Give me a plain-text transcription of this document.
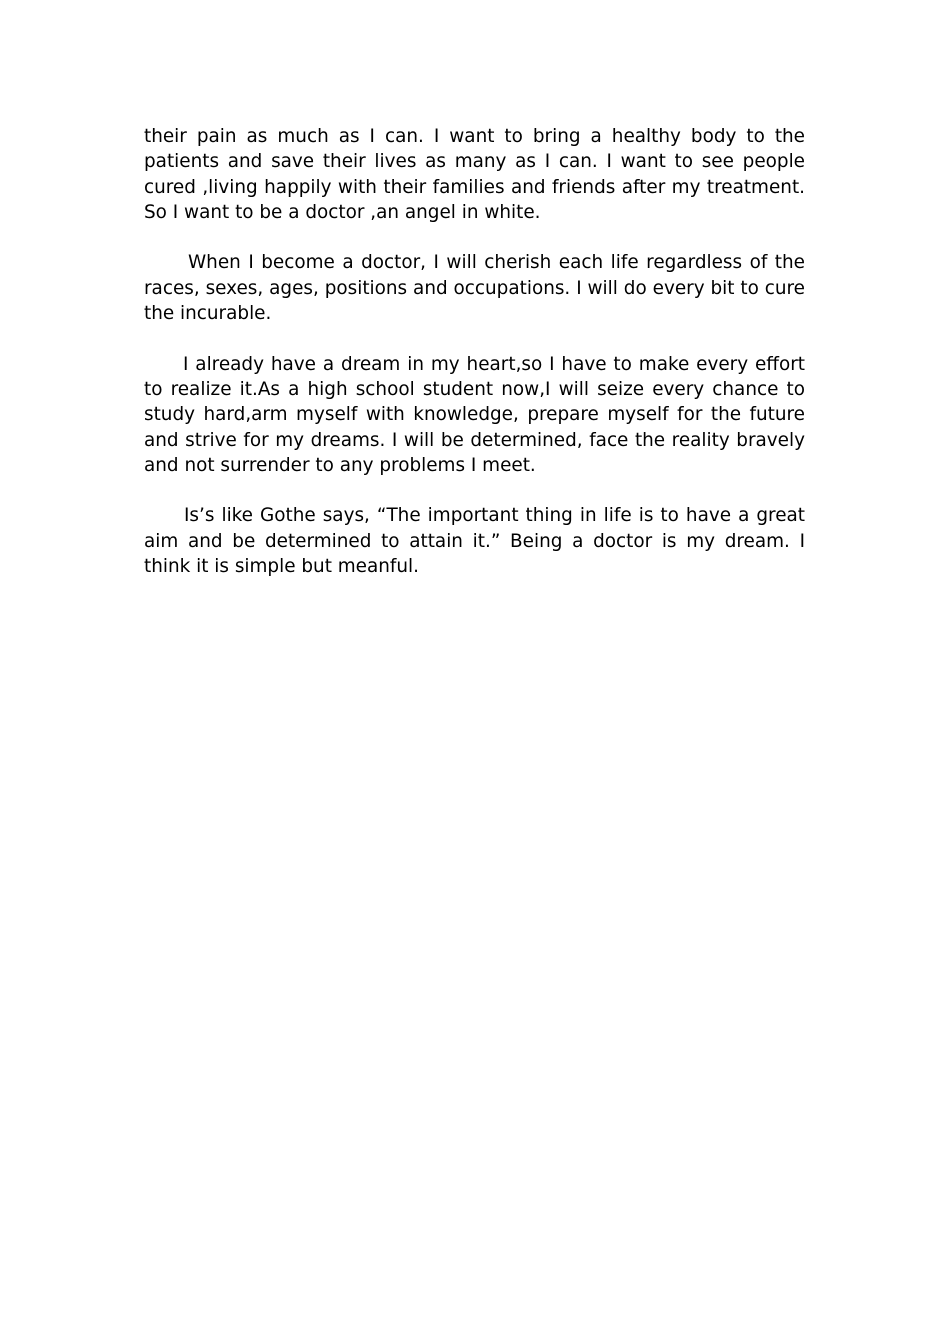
their pain as much as I can. I want to bring a healthy body to the patients and save their lives as many as I can. I want to see people cured ,living happily with their families and friends after my treatment. So I want to be a doctor ,an angel in white.

When I become a doctor, I will cherish each life regardless of the races, sexes, ages, positions and occupations. I will do every bit to cure the incurable.

I already have a dream in my heart,so I have to make every effort to realize it.As a high school student now,I will seize every chance to study hard,arm myself with knowledge, prepare myself for the future and strive for my dreams. I will be determined, face the reality bravely and not surrender to any problems I meet.

Is’s like Gothe says, “The important thing in life is to have a great aim and be determined to attain it.” Being a doctor is my dream. I think it is simple but meanful.
